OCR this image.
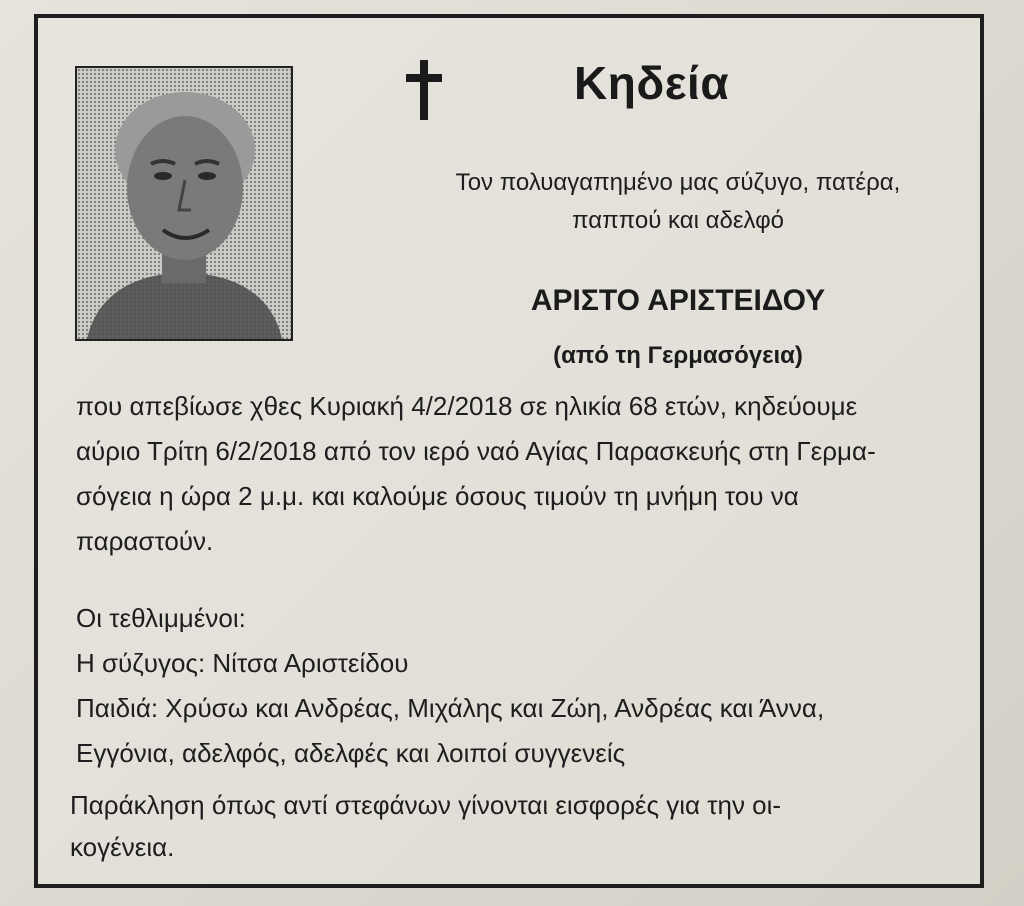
Κηδεία
Τον πολυαγαπημένο μας σύζυγο, πατέρα,
παππού και αδελφό
ΑΡΙΣΤΟ ΑΡΙΣΤΕΙΔΟΥ
(από τη Γερμασόγεια)
που απεβίωσε χθες Κυριακή 4/2/2018 σε ηλικία 68 ετών, κηδεύουμε
αύριο Τρίτη 6/2/2018 από τον ιερό ναό Αγίας Παρασκευής στη Γερμα-
σόγεια η ώρα 2 μ.μ. και καλούμε όσους τιμούν τη μνήμη του να
παραστούν.
Οι τεθλιμμένοι:
Η σύζυγος: Νίτσα Αριστείδου
Παιδιά: Χρύσω και Ανδρέας, Μιχάλης και Ζώη, Ανδρέας και Άννα,
Εγγόνια, αδελφός, αδελφές και λοιποί συγγενείς
Παράκληση όπως αντί στεφάνων γίνονται εισφορές για την οι-
κογένεια.
